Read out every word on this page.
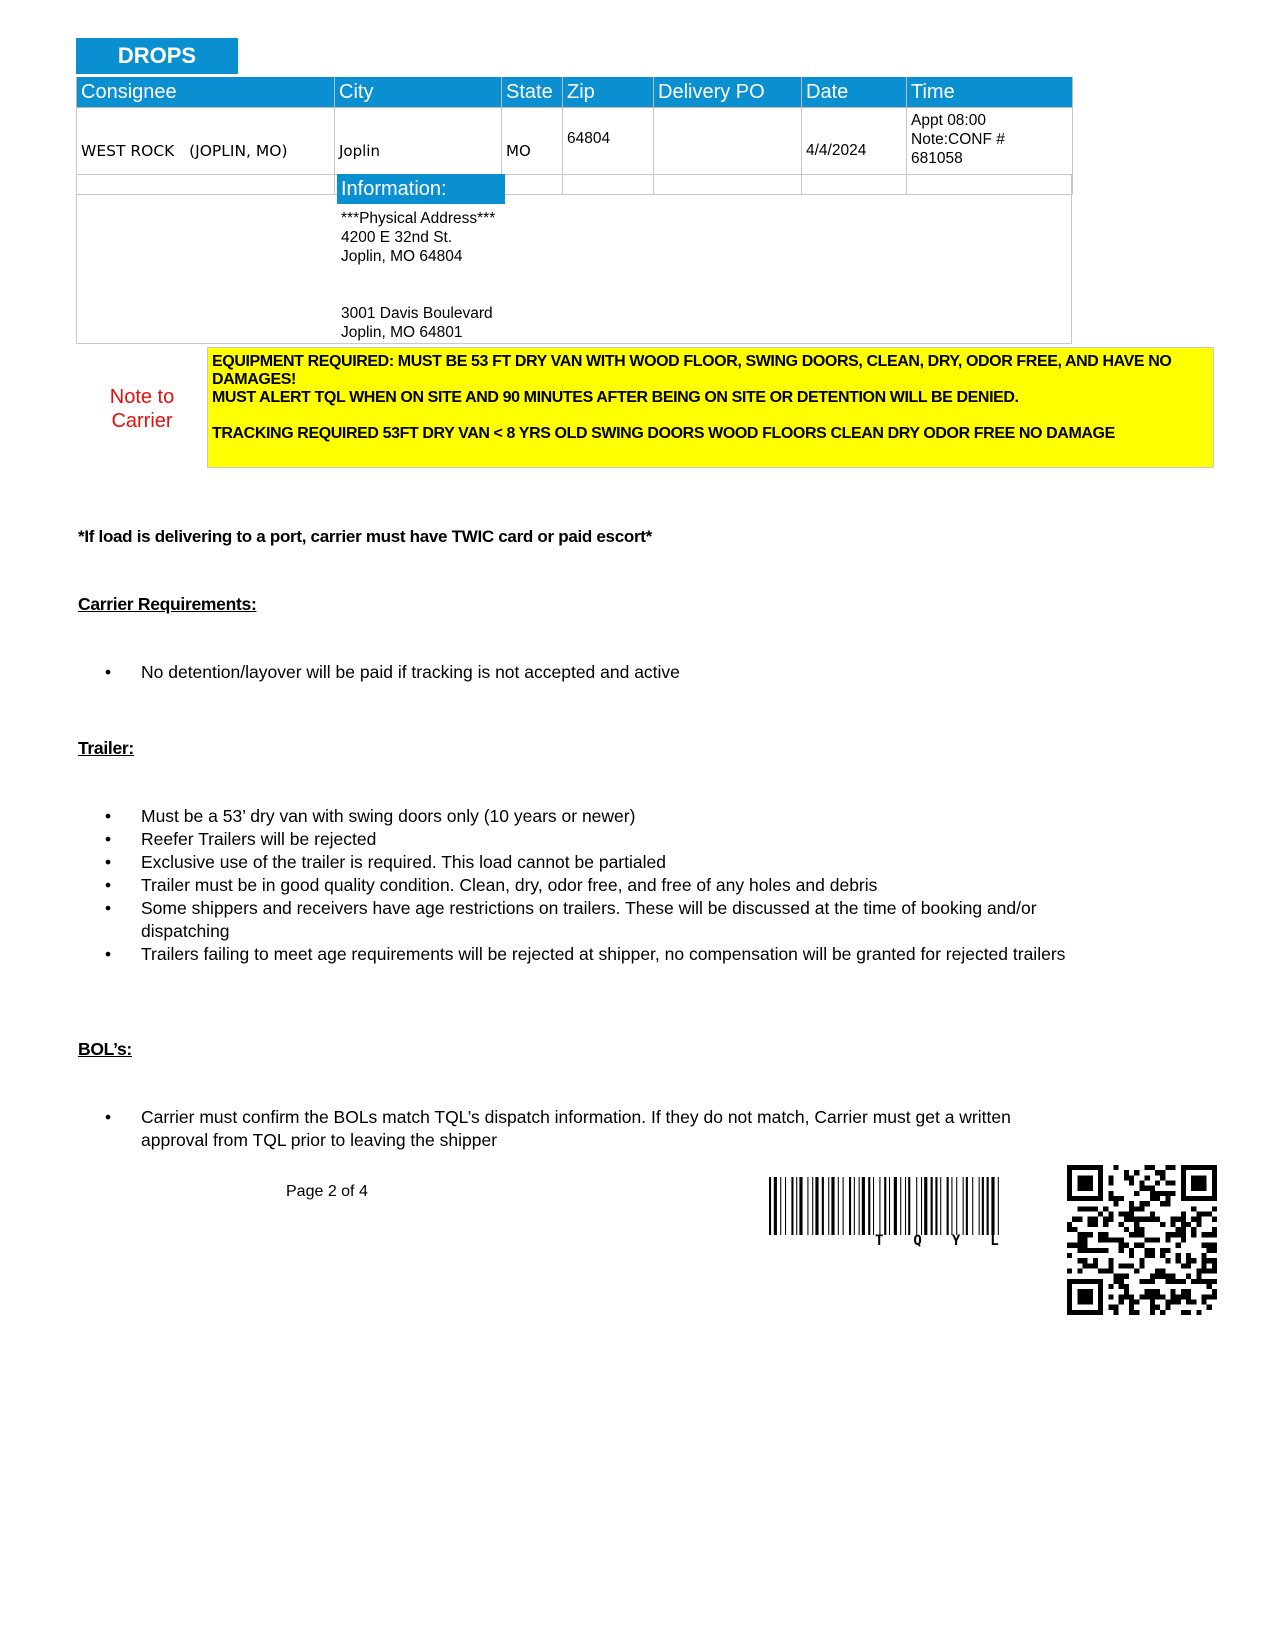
DROPS
Consignee	City	State	Zip	Delivery PO	Date	Time
WEST ROCK   (JOPLIN, MO)	Joplin	MO	64804		4/4/2024	Appt 08:00
Note:CONF #
681058
Information:
***Physical Address***
4200 E 32nd St.
Joplin, MO 64804

3001 Davis Boulevard
Joplin, MO 64801
Note to
Carrier
EQUIPMENT REQUIRED: MUST BE 53 FT DRY VAN WITH WOOD FLOOR, SWING DOORS, CLEAN, DRY, ODOR FREE, AND HAVE NO DAMAGES!
MUST ALERT TQL WHEN ON SITE AND 90 MINUTES AFTER BEING ON SITE OR DETENTION WILL BE DENIED.
TRACKING REQUIRED 53FT DRY VAN < 8 YRS OLD SWING DOORS WOOD FLOORS CLEAN DRY ODOR FREE NO DAMAGE
*If load is delivering to a port, carrier must have TWIC card or paid escort*
Carrier Requirements:
• No detention/layover will be paid if tracking is not accepted and active
Trailer:
• Must be a 53’ dry van with swing doors only (10 years or newer)
• Reefer Trailers will be rejected
• Exclusive use of the trailer is required. This load cannot be partialed
• Trailer must be in good quality condition. Clean, dry, odor free, and free of any holes and debris
• Some shippers and receivers have age restrictions on trailers. These will be discussed at the time of booking and/or dispatching
• Trailers failing to meet age requirements will be rejected at shipper, no compensation will be granted for rejected trailers
BOL’s:
• Carrier must confirm the BOLs match TQL’s dispatch information. If they do not match, Carrier must get a written approval from TQL prior to leaving the shipper
Page 2 of 4
TQYL
